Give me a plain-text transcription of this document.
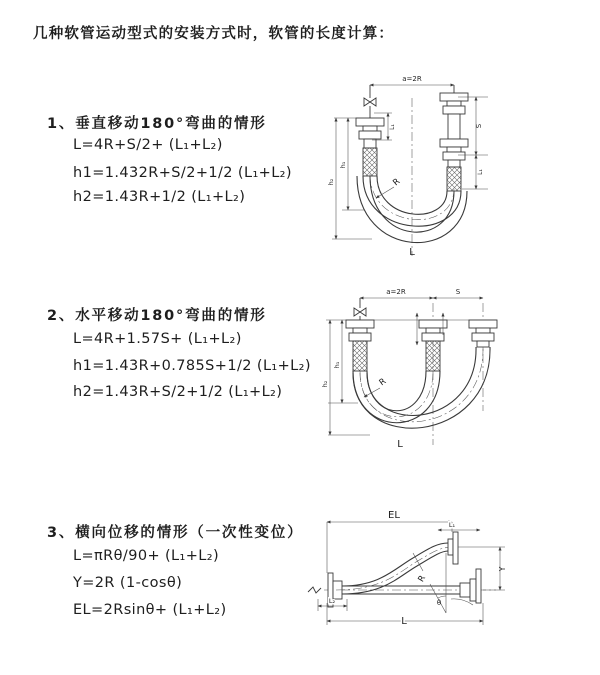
几种软管运动型式的安装方式时，软管的长度计算：
1、垂直移动180°弯曲的情形
L=4R+S/2+ (L₁+L₂)
h1=1.432R+S/2+1/2 (L₁+L₂)
h2=1.43R+1/2 (L₁+L₂)
2、水平移动180°弯曲的情形
L=4R+1.57S+ (L₁+L₂)
h1=1.43R+0.785S+1/2 (L₁+L₂)
h2=1.43R+S/2+1/2 (L₁+L₂)
3、横向位移的情形（一次性变位）
L=πRθ/90+ (L₁+L₂)
Y=2R (1-cosθ)
EL=2Rsinθ+ (L₁+L₂)
a=2R
S
L₁
L₁
h₁
h₂	R
L
a=2R	S
h₁
h₂	R
L
θ
R
EL
L₁
Y
L
L₂
